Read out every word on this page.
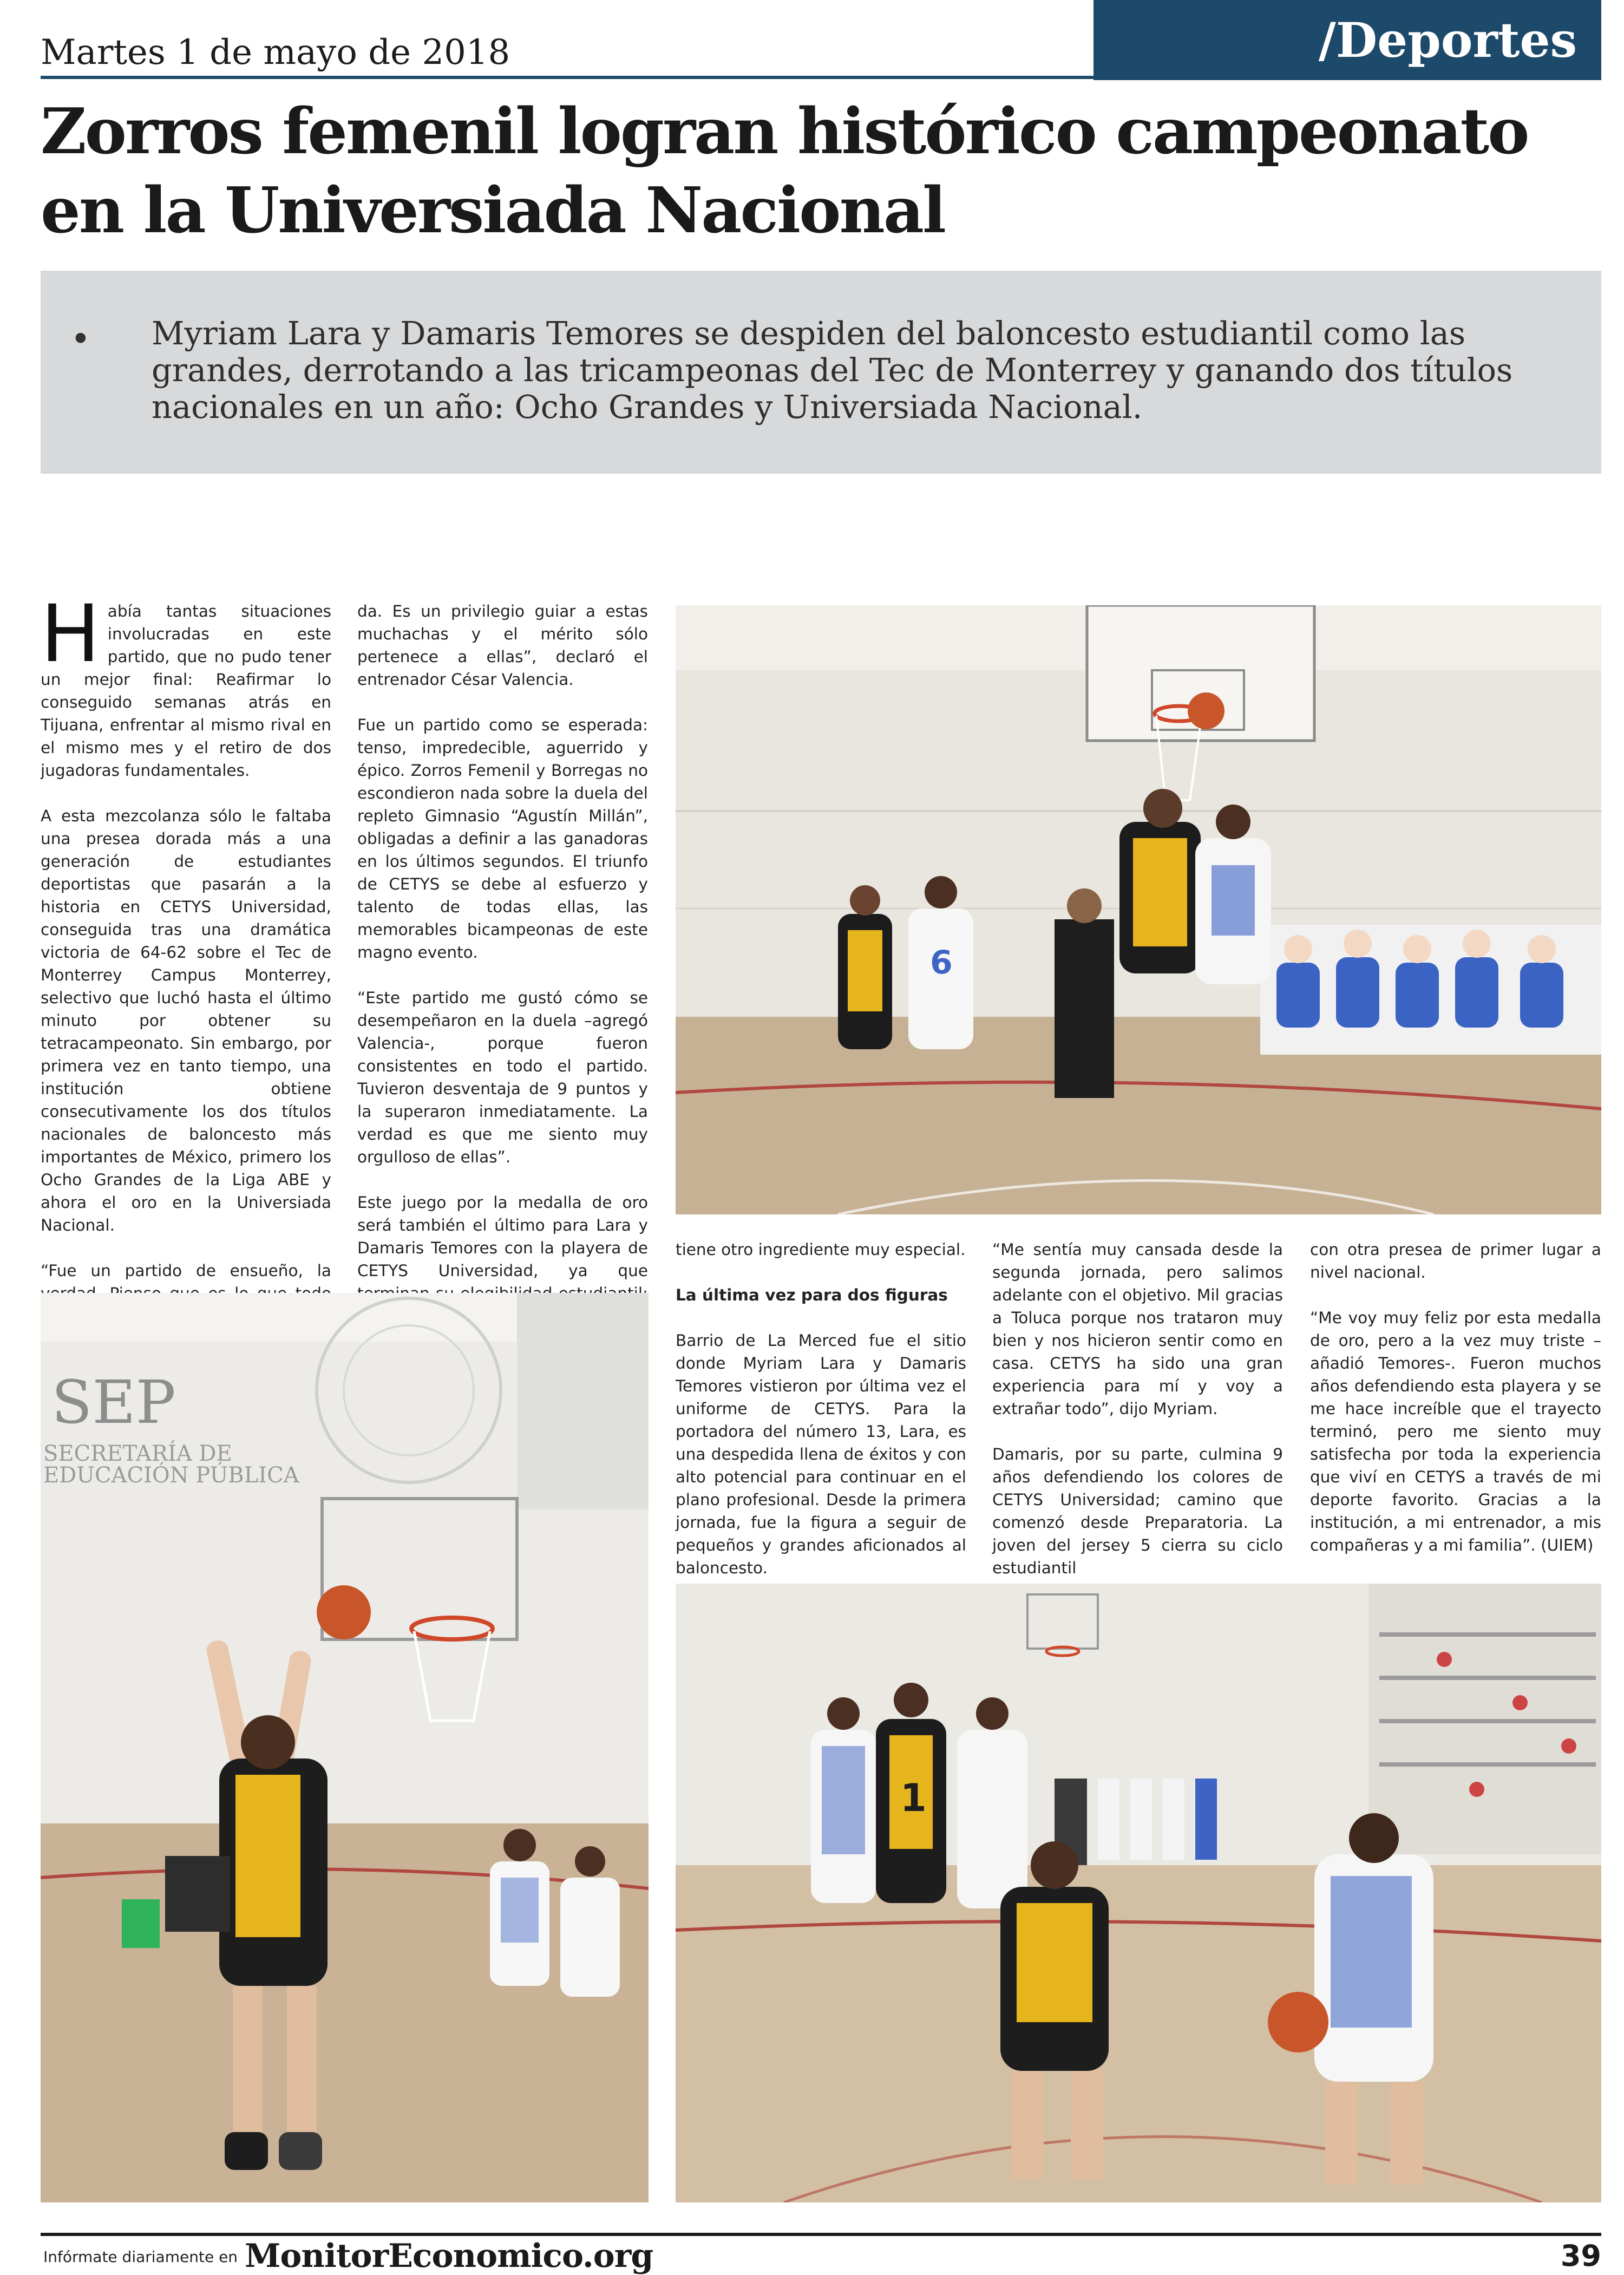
Martes 1 de mayo de 2018	/Deportes
Zorros femenil logran histórico campeonato
en la Universiada Nacional
• Myriam Lara y Damaris Temores se despiden del baloncesto estudiantil como las grandes, derrotando a las tricampeonas del Tec de Monterrey y ganando dos títulos nacionales en un año: Ocho Grandes y Universiada Nacional.

Había tantas situaciones involucradas en este partido, que no pudo tener un mejor final: Reafirmar lo conseguido semanas atrás en Tijuana, enfrentar al mismo rival en el mismo mes y el retiro de dos jugadoras fundamentales.

A esta mezcolanza sólo le faltaba una presea dorada más a una generación de estudiantes deportistas que pasarán a la historia en CETYS Universidad, conseguida tras una dramática victoria de 64-62 sobre el Tec de Monterrey Campus Monterrey, selectivo que luchó hasta el último minuto por obtener su tetracampeonato. Sin embargo, por primera vez en tanto tiempo, una institución obtiene consecutivamente los dos títulos nacionales de baloncesto más importantes de México, primero los Ocho Grandes de la Liga ABE y ahora el oro en la Universiada Nacional.

“Fue un partido de ensueño, la

da. Es un privilegio guiar a estas muchachas y el mérito sólo pertenece a ellas”, declaró el entrenador César Valencia.

Fue un partido como se esperada: tenso, impredecible, aguerrido y épico. Zorros Femenil y Borregas no escondieron nada sobre la duela del repleto Gimnasio “Agustín Millán”, obligadas a definir a las ganadoras en los últimos segundos. El triunfo de CETYS se debe al esfuerzo y talento de todas ellas, las memorables bicampeonas de este magno evento.

“Este partido me gustó cómo se desempeñaron en la duela –agregó Valencia-, porque fueron consistentes en todo el partido. Tuvieron desventaja de 9 puntos y la superaron inmediatamente. La verdad es que me siento muy orgulloso de ellas”.

Este juego por la medalla de oro será también el último para Lara y Damaris Temores con la playera de CETYS Universidad, ya que

tiene otro ingrediente muy especial.

La última vez para dos figuras

Barrio de La Merced fue el sitio donde Myriam Lara y Damaris Temores vistieron por última vez el uniforme de CETYS. Para la portadora del número 13, Lara, es una despedida llena de éxitos y con alto potencial para continuar en el plano profesional. Desde la primera jornada, fue la figura a seguir de pequeños y grandes aficionados al baloncesto.

“Me sentía muy cansada desde la segunda jornada, pero salimos adelante con el objetivo. Mil gracias a Toluca porque nos trataron muy bien y nos hicieron sentir como en casa. CETYS ha sido una gran experiencia para mí y voy a extrañar todo”, dijo Myriam.

Damaris, por su parte, culmina 9 años defendiendo los colores de CETYS Universidad; camino que comenzó desde Preparatoria. La joven del jersey 5 cierra su ciclo estudiantil

con otra presea de primer lugar a nivel nacional.

“Me voy muy feliz por esta medalla de oro, pero a la vez muy triste –añadió Temores-. Fueron muchos años defendiendo esta playera y se me hace increíble que el trayecto terminó, pero me siento muy satisfecha por toda la experiencia que viví en CETYS a través de mi deporte favorito. Gracias a la institución, a mi entrenador, a mis compañeras y a mi familia”. (UIEM)

6
SEP
SECRETARÍA DE
EDUCACIÓN PÚBLICA
1
Infórmate diariamente en MonitorEconomico.org	39
